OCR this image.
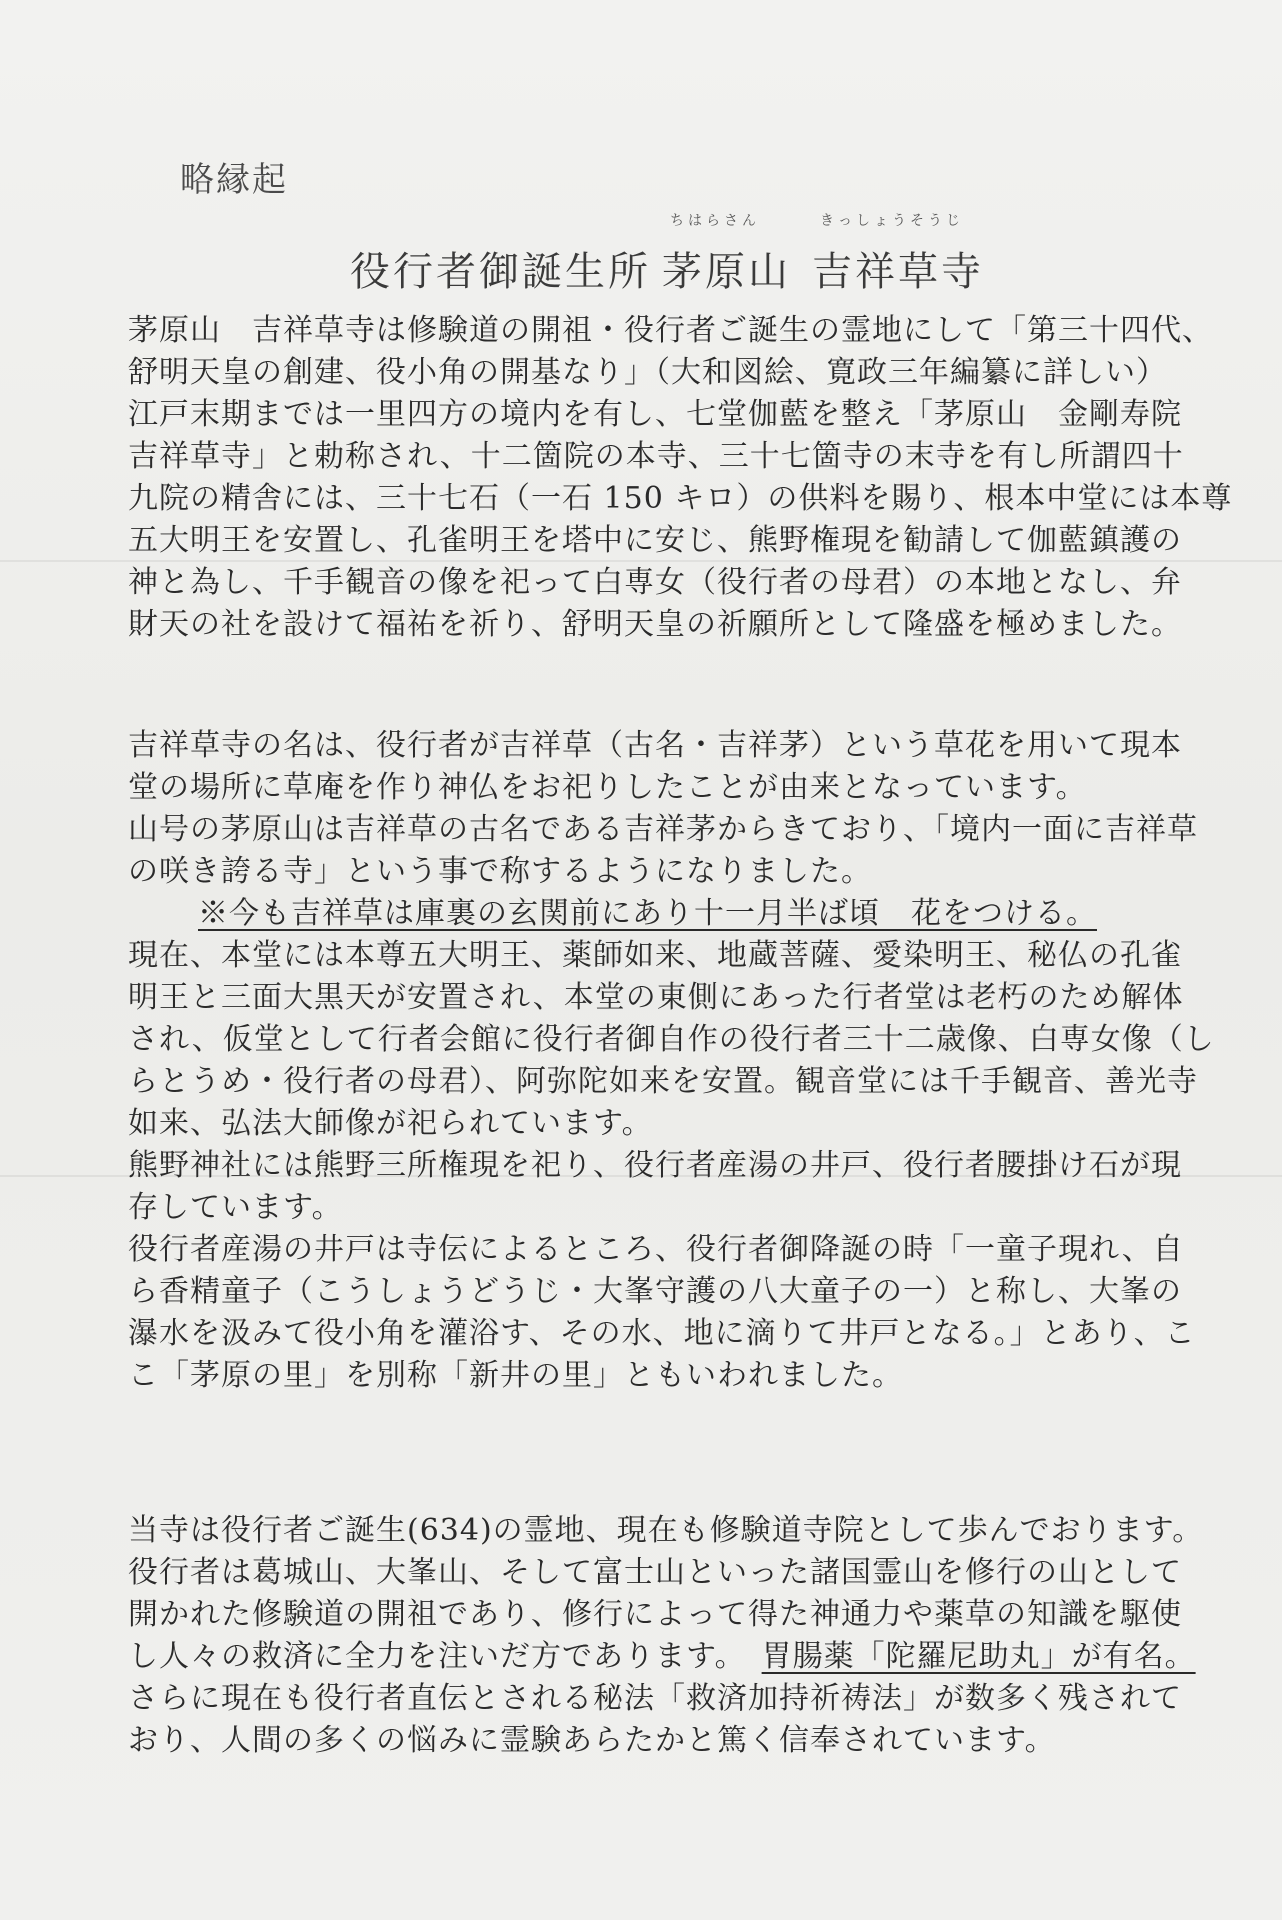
略縁起
ちはらさん	きっしょうそうじ
役行者御誕生所 茅原山 吉祥草寺
茅原山　吉祥草寺は修験道の開祖・役行者ご誕生の霊地にして「第三十四代、
舒明天皇の創建、役小角の開基なり」（大和図絵、寛政三年編纂に詳しい）
江戸末期までは一里四方の境内を有し、七堂伽藍を整え「茅原山　金剛寿院
吉祥草寺」と勅称され、十二箇院の本寺、三十七箇寺の末寺を有し所謂四十
九院の精舎には、三十七石（一石 150 キロ）の供料を賜り、根本中堂には本尊
五大明王を安置し、孔雀明王を塔中に安じ、熊野権現を勧請して伽藍鎮護の
神と為し、千手観音の像を祀って白専女（役行者の母君）の本地となし、弁
財天の社を設けて福祐を祈り、舒明天皇の祈願所として隆盛を極めました。
吉祥草寺の名は、役行者が吉祥草（古名・吉祥茅）という草花を用いて現本
堂の場所に草庵を作り神仏をお祀りしたことが由来となっています。
山号の茅原山は吉祥草の古名である吉祥茅からきており、「境内一面に吉祥草
の咲き誇る寺」という事で称するようになりました。
※今も吉祥草は庫裏の玄関前にあり十一月半ば頃　花をつける。
現在、本堂には本尊五大明王、薬師如来、地蔵菩薩、愛染明王、秘仏の孔雀
明王と三面大黒天が安置され、本堂の東側にあった行者堂は老朽のため解体
され、仮堂として行者会館に役行者御自作の役行者三十二歳像、白専女像（し
らとうめ・役行者の母君）、阿弥陀如来を安置。観音堂には千手観音、善光寺
如来、弘法大師像が祀られています。
熊野神社には熊野三所権現を祀り、役行者産湯の井戸、役行者腰掛け石が現
存しています。
役行者産湯の井戸は寺伝によるところ、役行者御降誕の時「一童子現れ、自
ら香精童子（こうしょうどうじ・大峯守護の八大童子の一）と称し、大峯の
瀑水を汲みて役小角を灌浴す、その水、地に滴りて井戸となる。」とあり、こ
こ「茅原の里」を別称「新井の里」ともいわれました。
当寺は役行者ご誕生(634)の霊地、現在も修験道寺院として歩んでおります。
役行者は葛城山、大峯山、そして富士山といった諸国霊山を修行の山として
開かれた修験道の開祖であり、修行によって得た神通力や薬草の知識を駆使
し人々の救済に全力を注いだ方であります。　 胃腸薬「陀羅尼助丸」が有名。
さらに現在も役行者直伝とされる秘法「救済加持祈祷法」が数多く残されて
おり、人間の多くの悩みに霊験あらたかと篤く信奉されています。
